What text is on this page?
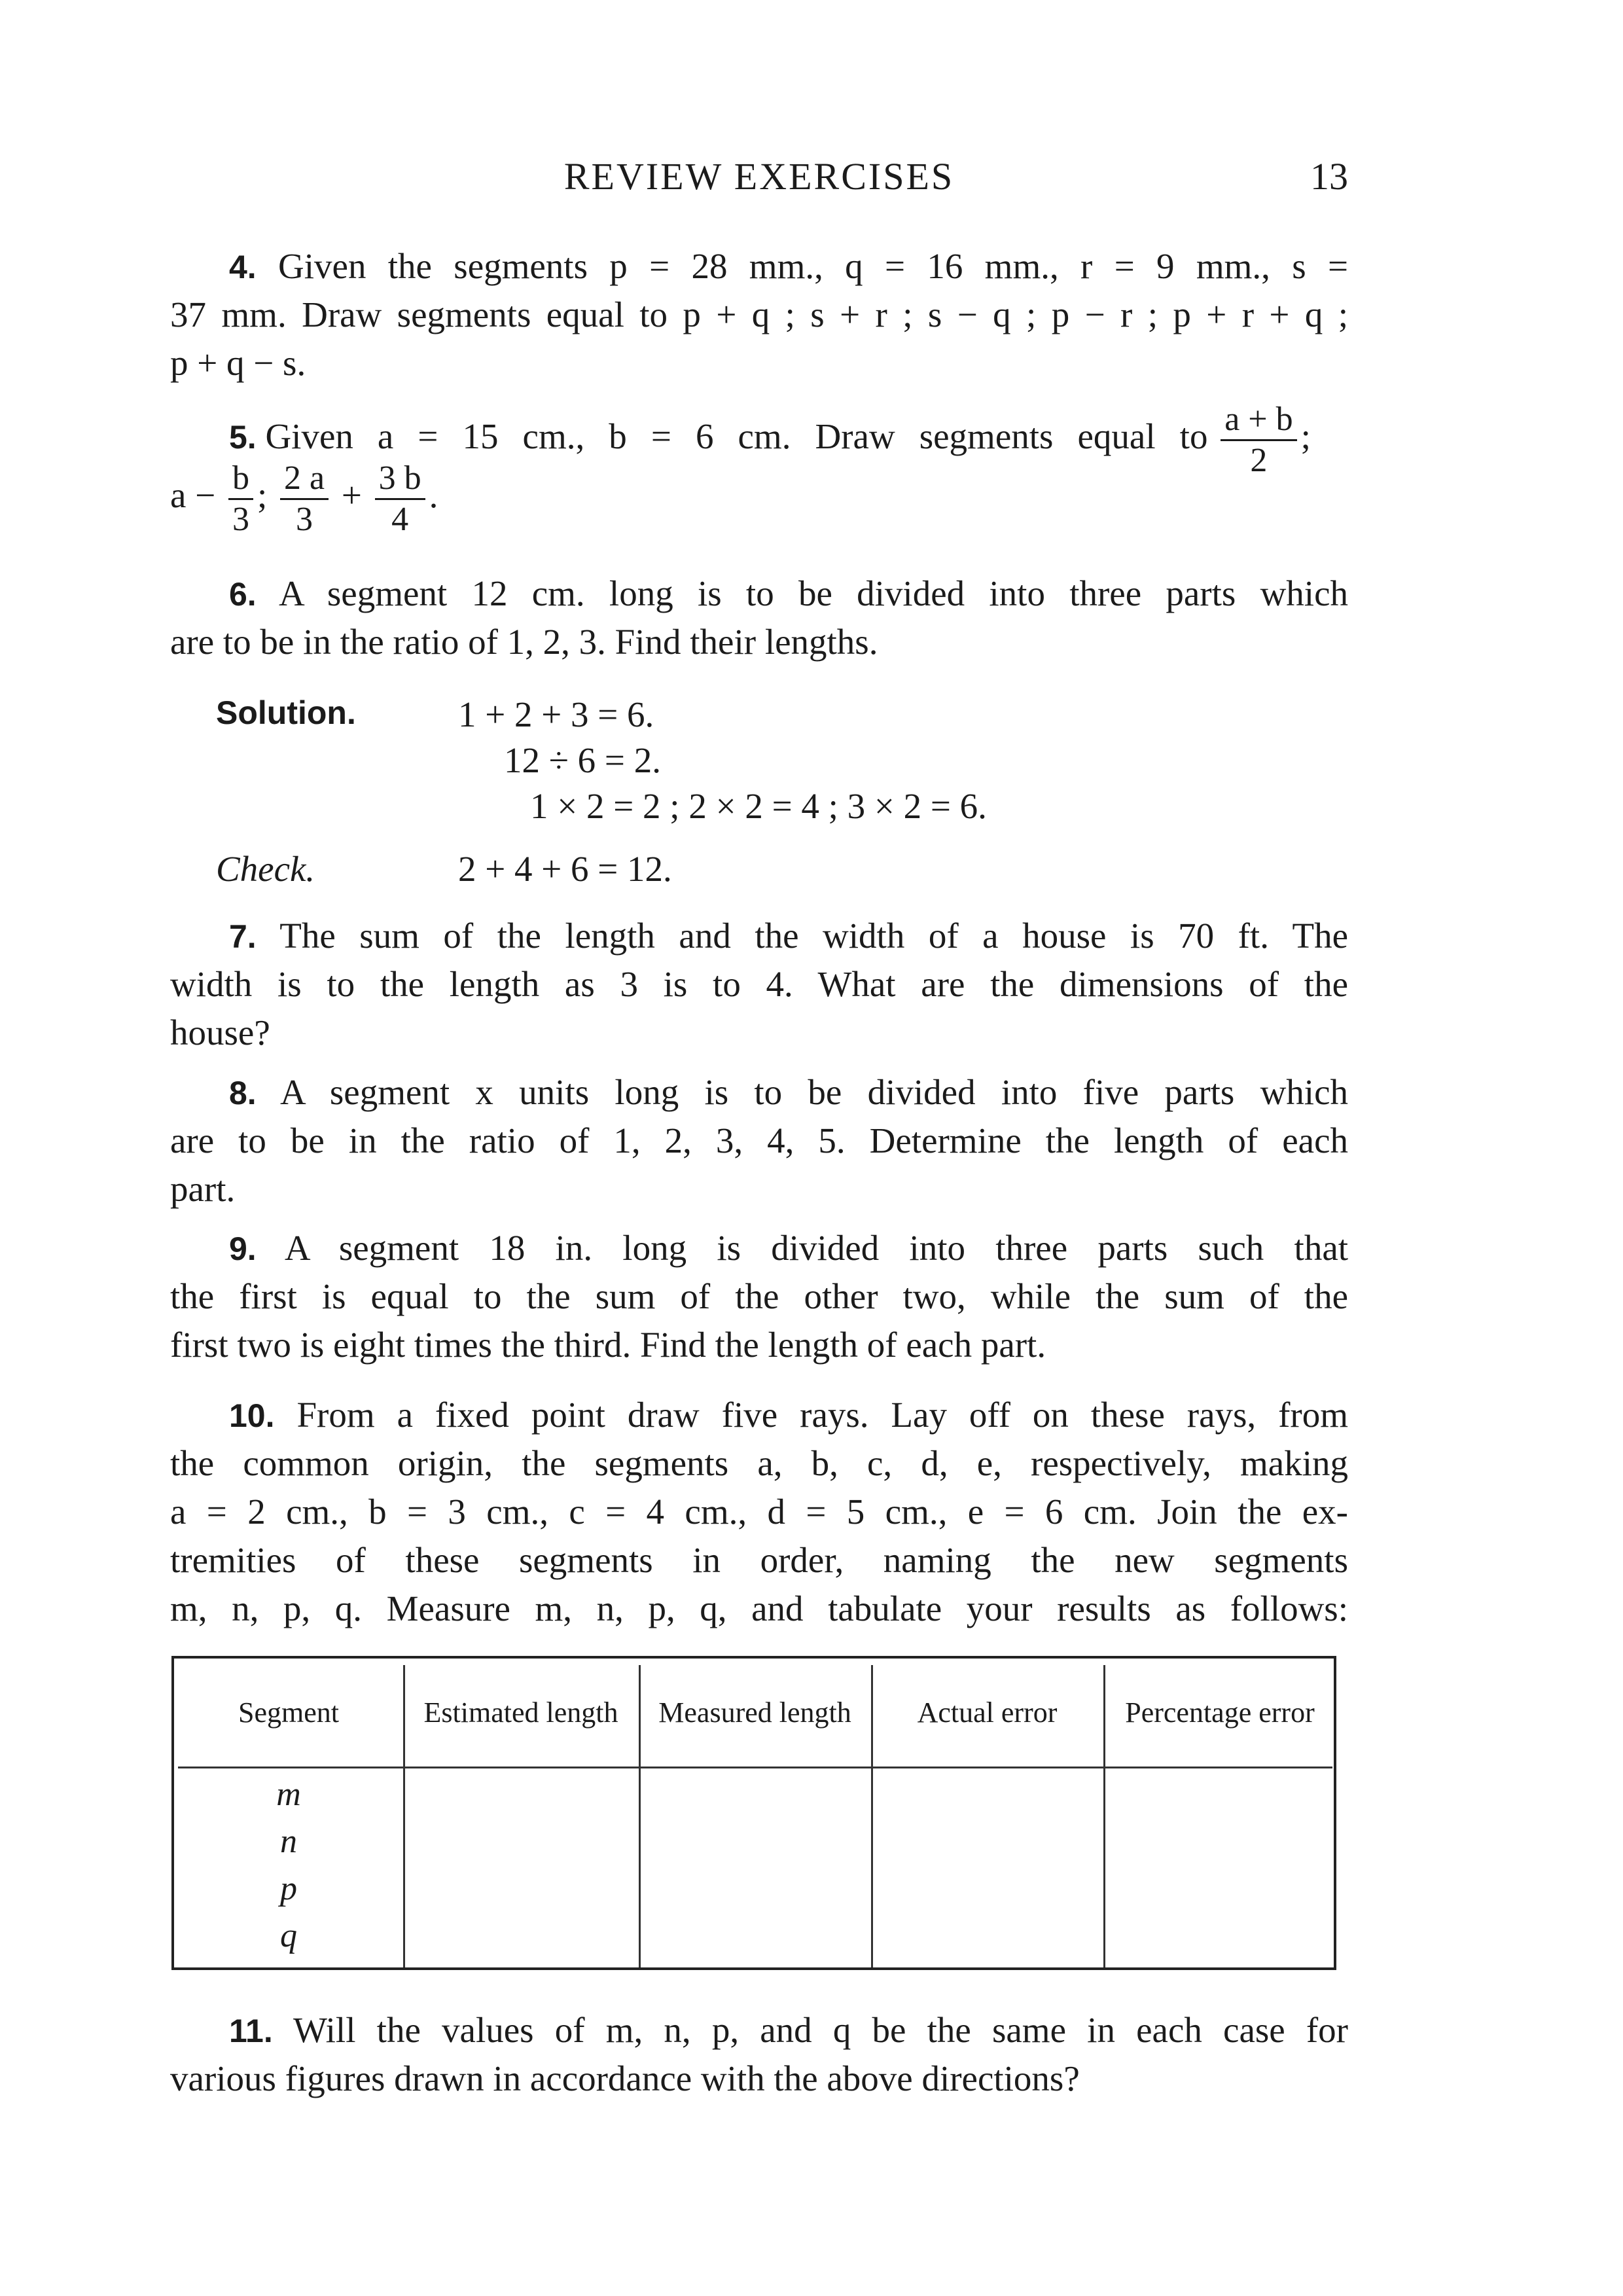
REVIEW EXERCISES	13
4. Given the segments p = 28 mm., q = 16 mm., r = 9 mm., s =
37 mm. Draw segments equal to p + q ; s + r ; s − q ; p − r ; p + r + q ;
p + q − s.
5. Given a = 15 cm., b = 6 cm. Draw segments equal to $\frac{a + b}{2}$ ;
$a - \frac{b}{3}$ ; $\frac{2 a}{3} + \frac{3 b}{4}$ .
6. A segment 12 cm. long is to be divided into three parts which
are to be in the ratio of 1, 2, 3. Find their lengths.
Solution.	1 + 2 + 3 = 6.
12 ÷ 6 = 2.
1 × 2 = 2 ; 2 × 2 = 4 ; 3 × 2 = 6.
Check.	2 + 4 + 6 = 12.
7. The sum of the length and the width of a house is 70 ft. The
width is to the length as 3 is to 4. What are the dimensions of the
house?
8. A segment x units long is to be divided into five parts which
are to be in the ratio of 1, 2, 3, 4, 5. Determine the length of each
part.
9. A segment 18 in. long is divided into three parts such that
the first is equal to the sum of the other two, while the sum of the
first two is eight times the third. Find the length of each part.
10. From a fixed point draw five rays. Lay off on these rays, from
the common origin, the segments a, b, c, d, e, respectively, making
a = 2 cm., b = 3 cm., c = 4 cm., d = 5 cm., e = 6 cm. Join the ex-
tremities of these segments in order, naming the new segments
m, n, p, q. Measure m, n, p, q, and tabulate your results as follows:
Segment	Estimated length	Measured length	Actual error	Percentage error
m
n
p
q
11. Will the values of m, n, p, and q be the same in each case for
various figures drawn in accordance with the above directions?
